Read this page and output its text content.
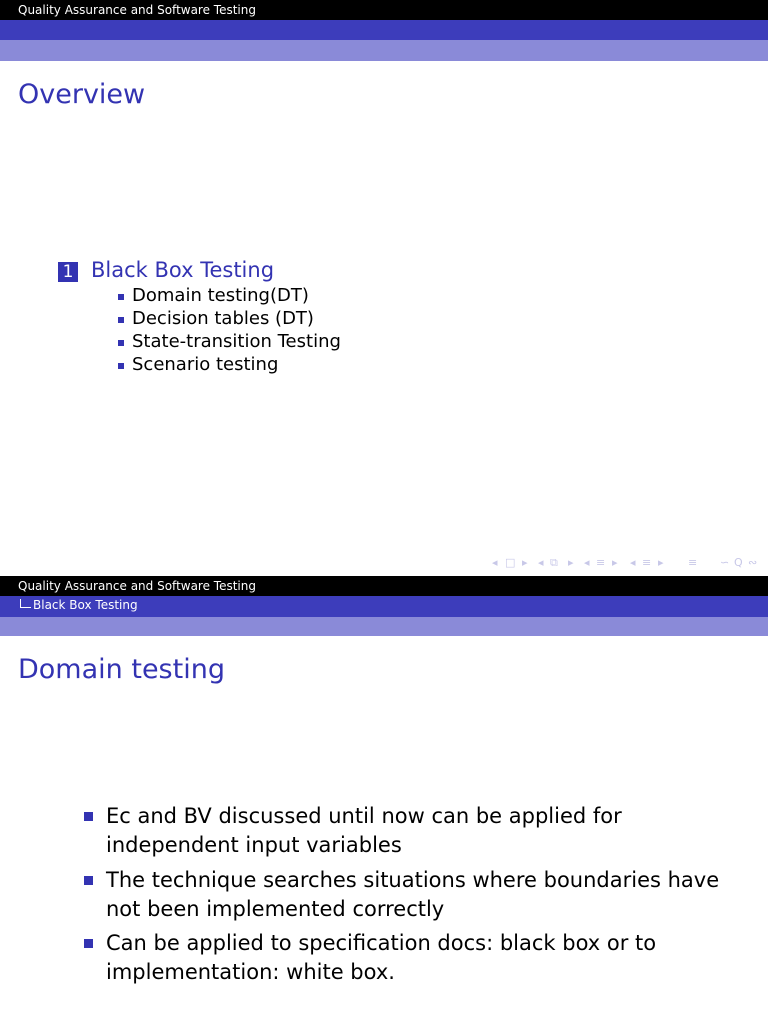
Quality Assurance and Software Testing
Overview
1 Black Box Testing
Domain testing(DT)
Decision tables (DT)
State-transition Testing
Scenario testing
◂ □ ▸ ◂ ⧉ ▸ ◂ ≡ ▸ ◂ ≡ ▸ ≡ ∽ Q ∾
Quality Assurance and Software Testing
Black Box Testing
Domain testing
Ec and BV discussed until now can be applied for independent input variables
The technique searches situations where boundaries have not been implemented correctly
Can be applied to specification docs: black box or to implementation: white box.
